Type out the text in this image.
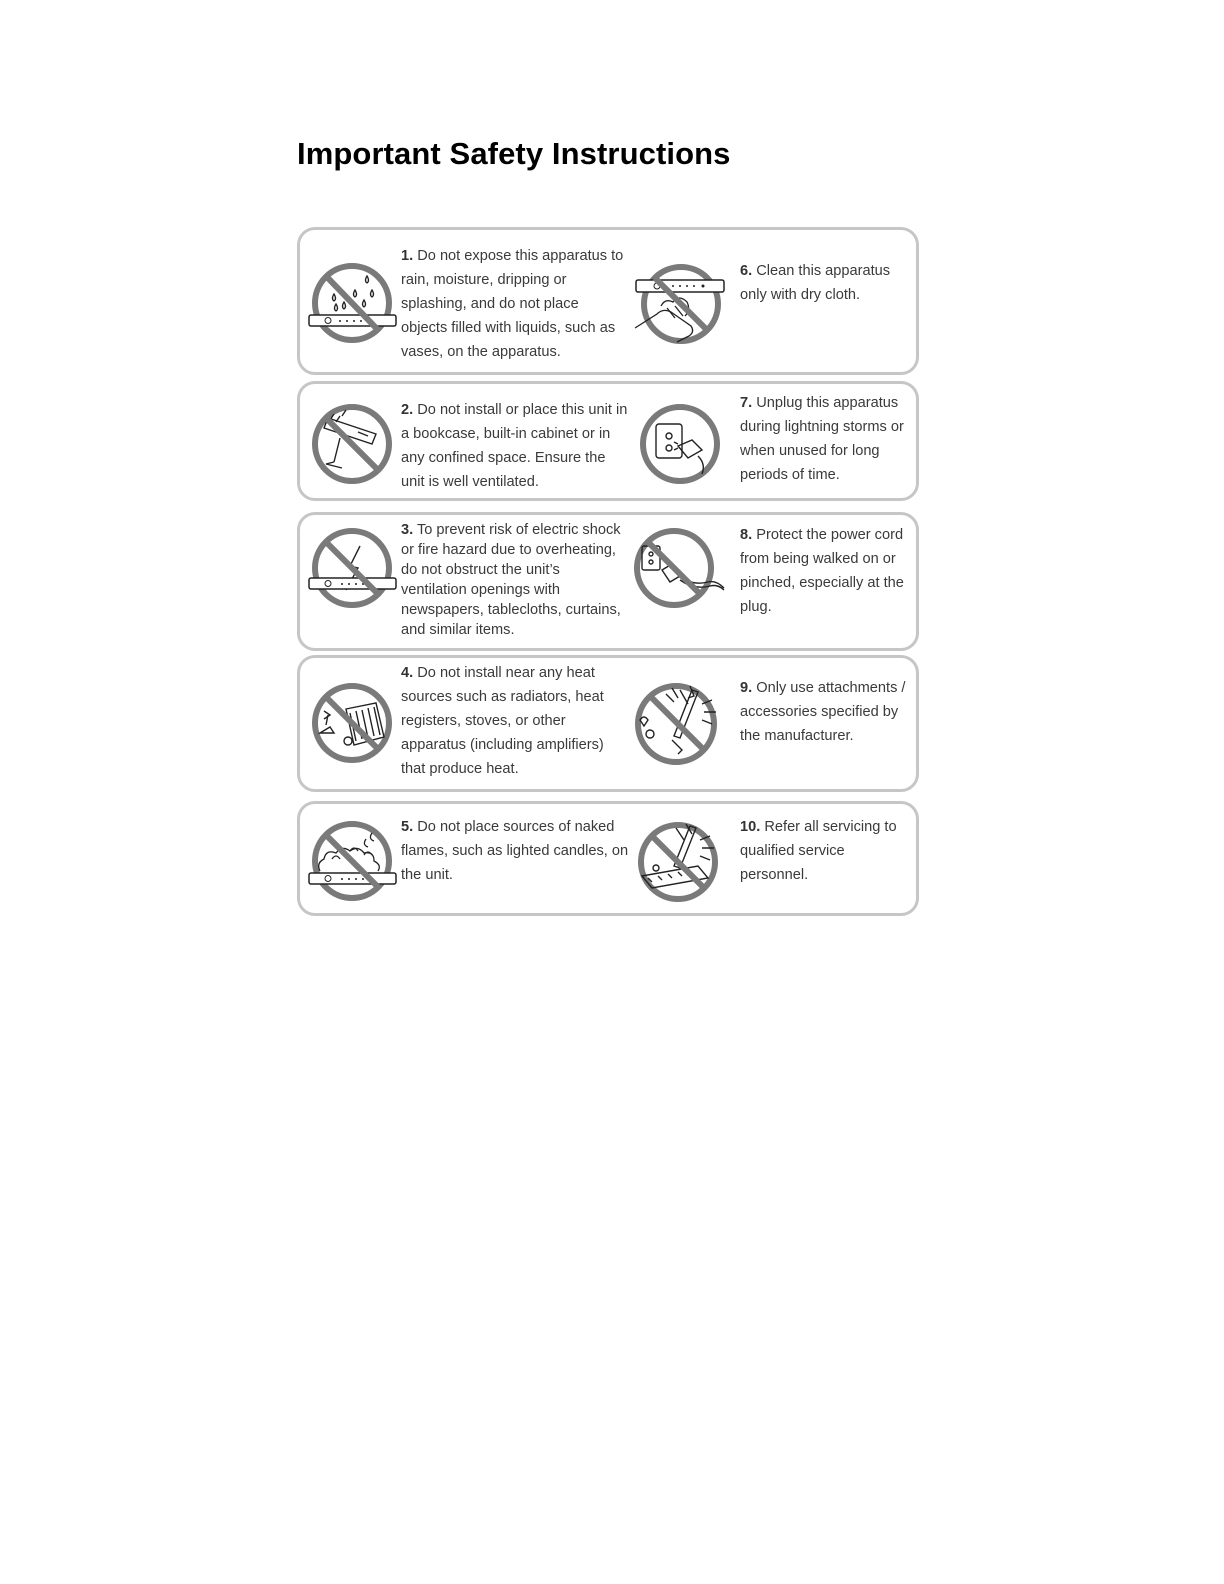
Important Safety Instructions

1. Do not expose this apparatus to rain, moisture, dripping or splashing, and do not place objects filled with liquids, such as vases, on the apparatus.

2. Do not install or place this unit in a bookcase, built-in cabinet or in any confined space. Ensure the unit is well ventilated.

3. To prevent risk of electric shock or fire hazard due to overheating, do not obstruct the unit’s ventilation openings with newspapers, tablecloths, curtains, and similar items.

4. Do not install near any heat sources such as radiators, heat registers, stoves, or other apparatus (including amplifiers) that produce heat.

5. Do not place sources of naked flames, such as lighted candles, on the unit.

6. Clean this apparatus only with dry cloth.

7. Unplug this apparatus during lightning storms or when unused for long periods of time.

8. Protect the power cord from being walked on or pinched, especially at the plug.

9. Only use attachments / accessories specified by the manufacturer.

10. Refer all servicing to qualified service personnel.
